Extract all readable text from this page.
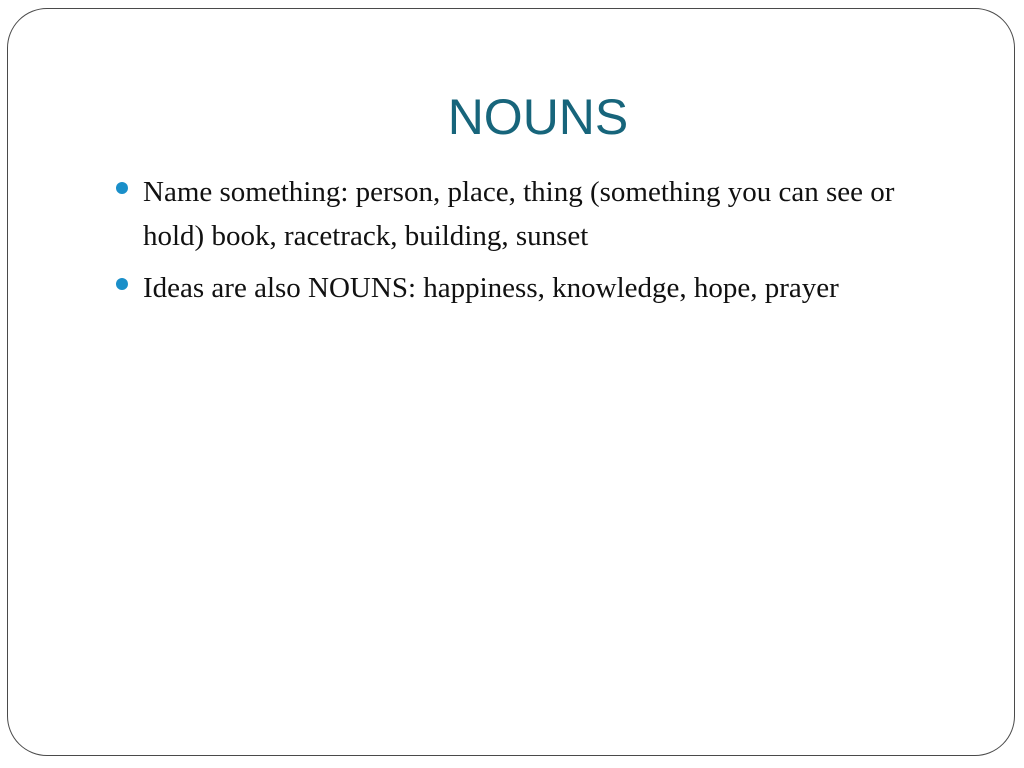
NOUNS
Name something: person, place, thing (something you can see or hold) book, racetrack, building, sunset
Ideas are also NOUNS: happiness, knowledge, hope, prayer
